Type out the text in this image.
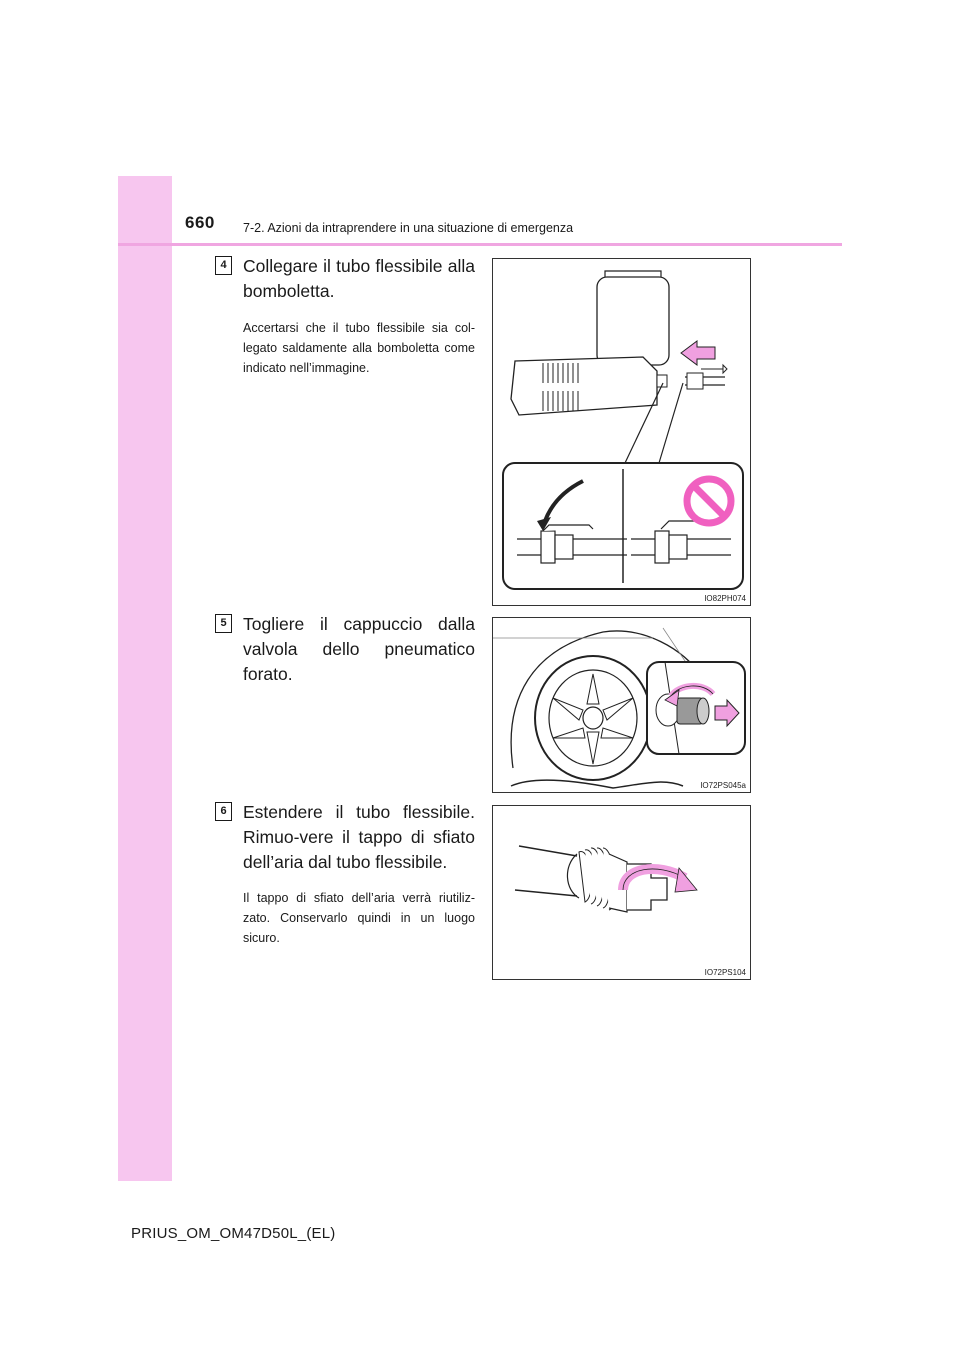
660 7-2. Azioni da intraprendere in una situazione di emergenza
4 Collegare il tubo flessibile alla bomboletta.
Accertarsi che il tubo flessibile sia col-legato saldamente alla bomboletta come indicato nell’immagine.
IO82PH074
5 Togliere il cappuccio dalla valvola dello pneumatico forato.
IO72PS045a
6 Estendere il tubo flessibile. Rimuo-vere il tappo di sfiato dell’aria dal tubo flessibile.
Il tappo di sfiato dell’aria verrà riutiliz-zato. Conservarlo quindi in un luogo sicuro.
IO72PS104
PRIUS_OM_OM47D50L_(EL)
